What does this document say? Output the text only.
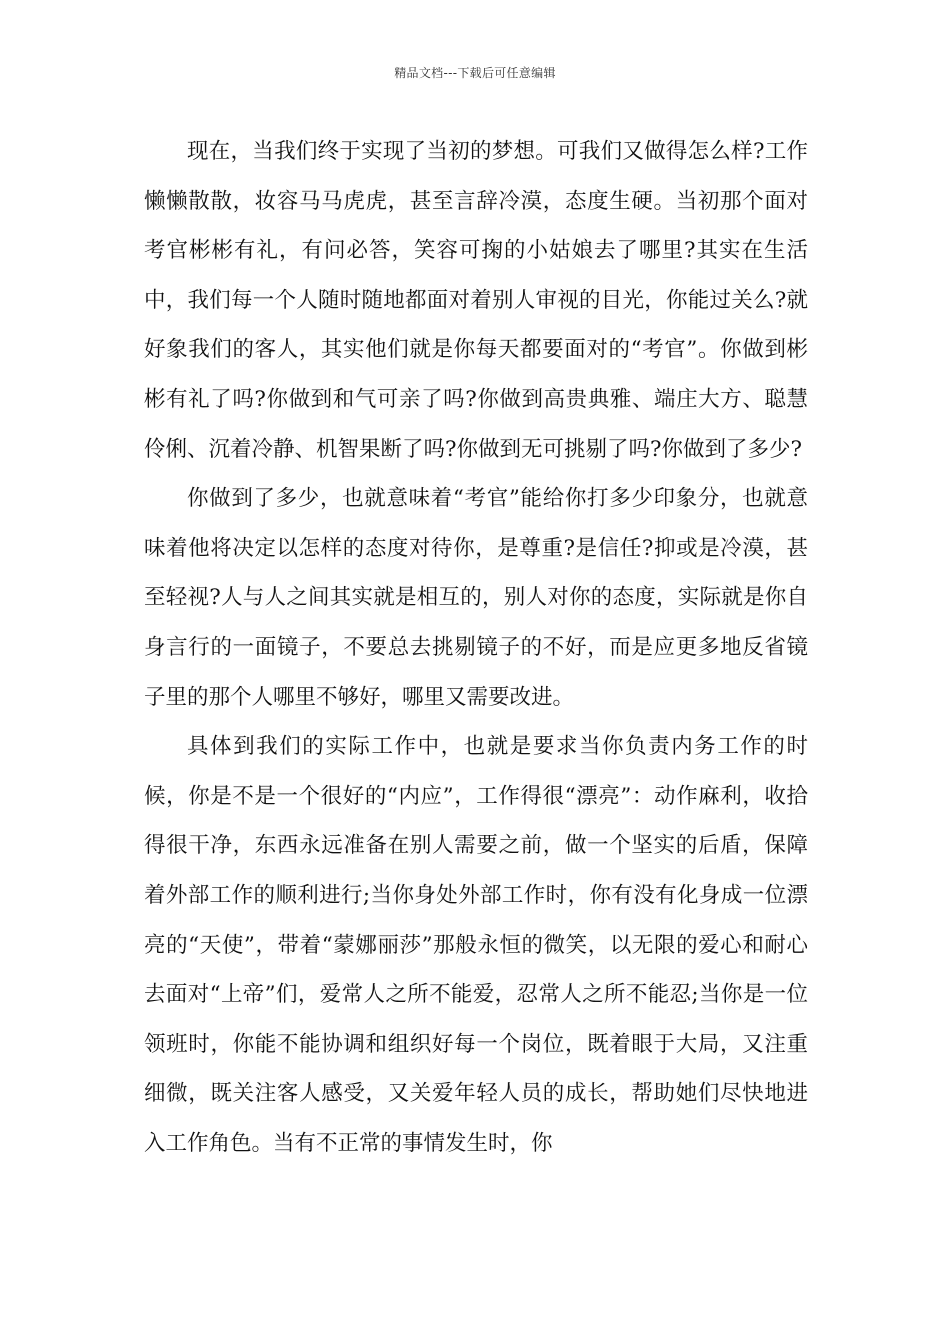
精品文档---下载后可任意编辑

现在，当我们终于实现了当初的梦想。可我们又做得怎么样?工作懒懒散散，妆容马马虎虎，甚至言辞冷漠，态度生硬。当初那个面对考官彬彬有礼，有问必答，笑容可掬的小姑娘去了哪里?其实在生活中，我们每一个人随时随地都面对着别人审视的目光，你能过关么?就好象我们的客人，其实他们就是你每天都要面对的“考官”。你做到彬彬有礼了吗?你做到和气可亲了吗?你做到高贵典雅、端庄大方、聪慧伶俐、沉着冷静、机智果断了吗?你做到无可挑剔了吗?你做到了多少?

你做到了多少，也就意味着“考官”能给你打多少印象分，也就意味着他将决定以怎样的态度对待你，是尊重?是信任?抑或是冷漠，甚至轻视?人与人之间其实就是相互的，别人对你的态度，实际就是你自身言行的一面镜子，不要总去挑剔镜子的不好，而是应更多地反省镜子里的那个人哪里不够好，哪里又需要改进。

具体到我们的实际工作中，也就是要求当你负责内务工作的时候，你是不是一个很好的“内应”，工作得很“漂亮”：动作麻利，收拾得很干净，东西永远准备在别人需要之前，做一个坚实的后盾，保障着外部工作的顺利进行;当你身处外部工作时，你有没有化身成一位漂亮的“天使”，带着“蒙娜丽莎”那般永恒的微笑，以无限的爱心和耐心去面对“上帝”们，爱常人之所不能爱，忍常人之所不能忍;当你是一位领班时，你能不能协调和组织好每一个岗位，既着眼于大局，又注重细微，既关注客人感受，又关爱年轻人员的成长，帮助她们尽快地进入工作角色。当有不正常的事情发生时，你
